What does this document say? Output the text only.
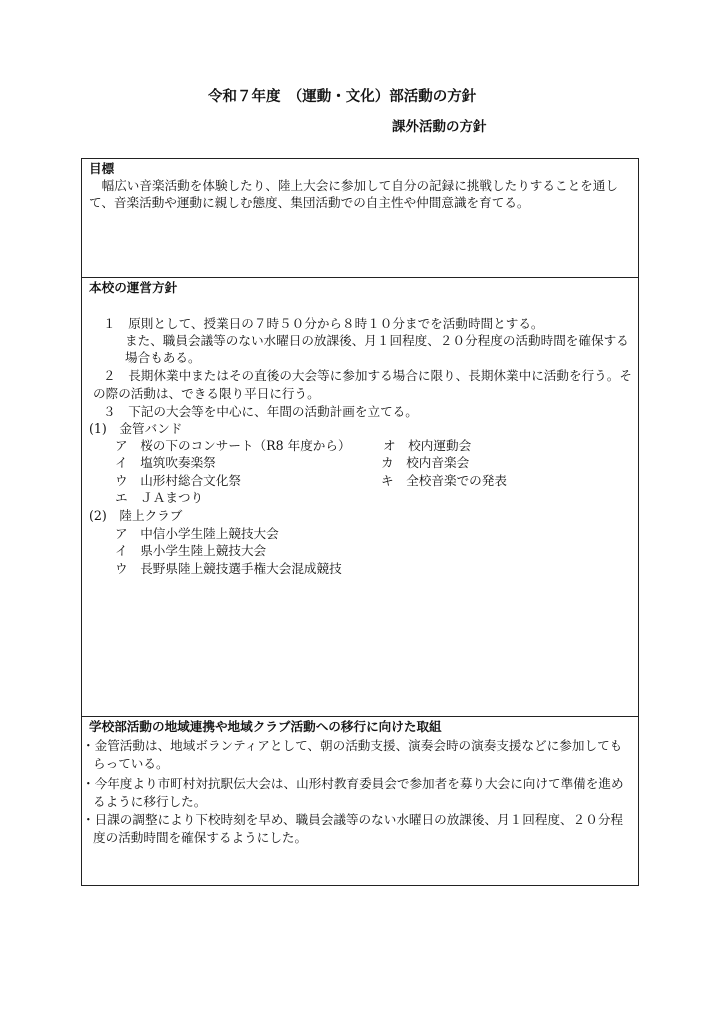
令和７年度　（運動・文化）部活動の方針
課外活動の方針
目標
　幅広い音楽活動を体験したり、陸上大会に参加して自分の記録に挑戦したりすることを通し
て、音楽活動や運動に親しむ態度、集団活動での自主性や仲間意識を育てる。
本校の運営方針
１　原則として、授業日の７時５０分から８時１０分までを活動時間とする。
また、職員会議等のない水曜日の放課後、月１回程度、２０分程度の活動時間を確保する
場合もある。
２　長期休業中またはその直後の大会等に参加する場合に限り、長期休業中に活動を行う。そ
の際の活動は、できる限り平日に行う。
３　下記の大会等を中心に、年間の活動計画を立てる。
(1)　金管バンド
ア　桜の下のコンサート（R8 年度から）
イ　塩筑吹奏楽祭
ウ　山形村総合文化祭
エ　ＪＡまつり
オ　校内運動会
カ　校内音楽会
キ　全校音楽での発表
(2)　陸上クラブ
ア　中信小学生陸上競技大会
イ　県小学生陸上競技大会
ウ　長野県陸上競技選手権大会混成競技
学校部活動の地域連携や地域クラブ活動への移行に向けた取組
・金管活動は、地域ボランティアとして、朝の活動支援、演奏会時の演奏支援などに参加しても
らっている。
・今年度より市町村対抗駅伝大会は、山形村教育委員会で参加者を募り大会に向けて準備を進め
るように移行した。
・日課の調整により下校時刻を早め、職員会議等のない水曜日の放課後、月１回程度、２０分程
度の活動時間を確保するようにした。
